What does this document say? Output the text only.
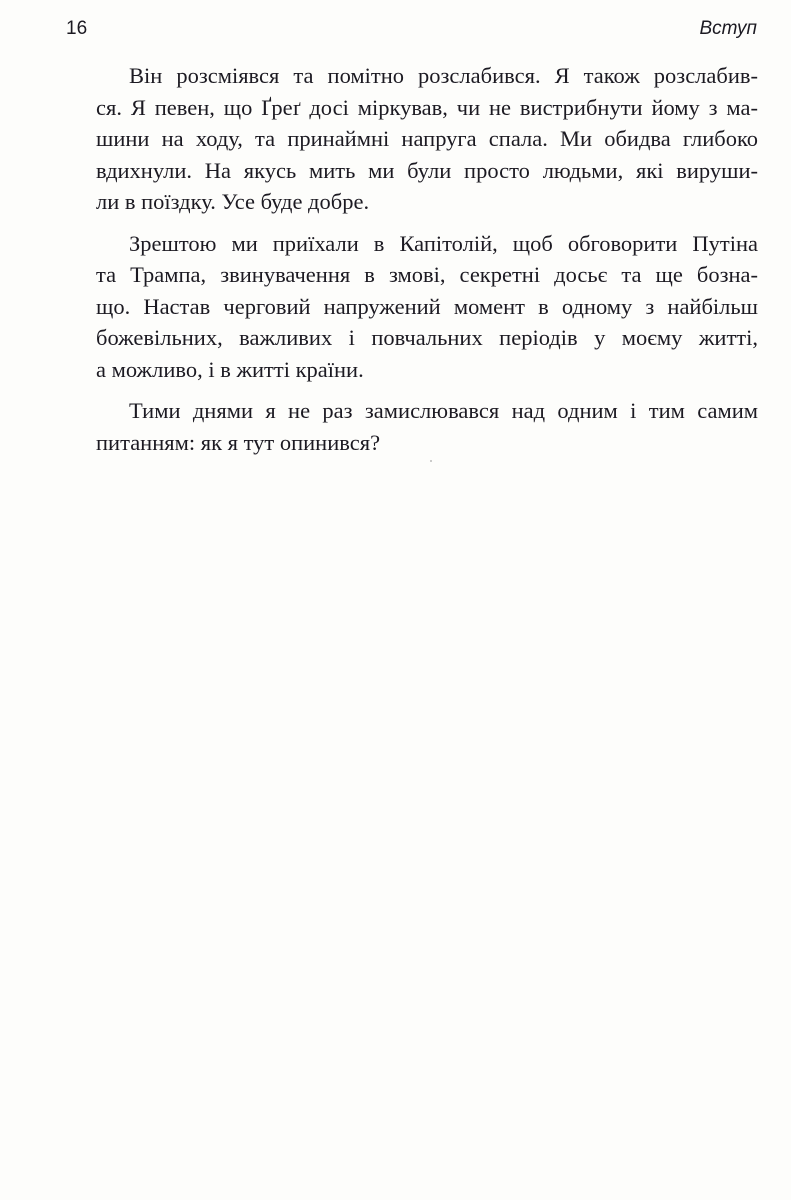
16	Вступ
Він розсміявся та помітно розслабився. Я також розслабив-
ся. Я певен, що Ґреґ досі міркував, чи не вистрибнути йому з ма-
шини на ходу, та принаймні напруга спала. Ми обидва глибоко
вдихнули. На якусь мить ми були просто людьми, які вируши-
ли в поїздку. Усе буде добре.
Зрештою ми приїхали в Капітолій, щоб обговорити Путіна
та Трампа, звинувачення в змові, секретні досьє та ще бозна-
що. Настав черговий напружений момент в одному з найбільш
божевільних, важливих і повчальних періодів у моєму житті,
а можливо, і в житті країни.
Тими днями я не раз замислювався над одним і тим самим
питанням: як я тут опинився?
